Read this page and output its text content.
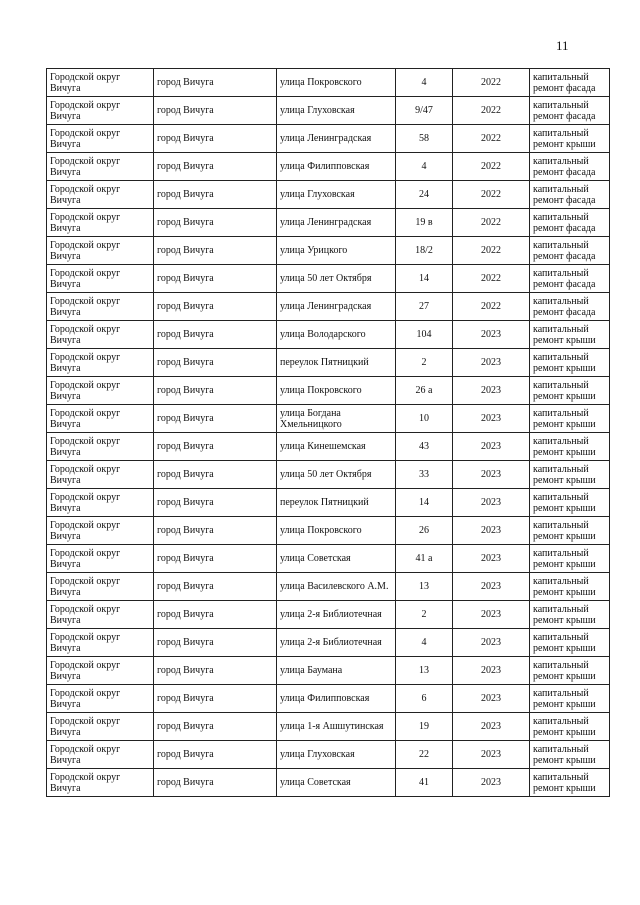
11
Городской округ Вичуга	город Вичуга	улица Покровского	4	2022	капитальный ремонт фасада
Городской округ Вичуга	город Вичуга	улица Глуховская	9/47	2022	капитальный ремонт фасада
Городской округ Вичуга	город Вичуга	улица Ленинградская	58	2022	капитальный ремонт крыши
Городской округ Вичуга	город Вичуга	улица Филипповская	4	2022	капитальный ремонт фасада
Городской округ Вичуга	город Вичуга	улица Глуховская	24	2022	капитальный ремонт фасада
Городской округ Вичуга	город Вичуга	улица Ленинградская	19 в	2022	капитальный ремонт фасада
Городской округ Вичуга	город Вичуга	улица Урицкого	18/2	2022	капитальный ремонт фасада
Городской округ Вичуга	город Вичуга	улица 50 лет Октября	14	2022	капитальный ремонт фасада
Городской округ Вичуга	город Вичуга	улица Ленинградская	27	2022	капитальный ремонт фасада
Городской округ Вичуга	город Вичуга	улица Володарского	104	2023	капитальный ремонт крыши
Городской округ Вичуга	город Вичуга	переулок Пятницкий	2	2023	капитальный ремонт крыши
Городской округ Вичуга	город Вичуга	улица Покровского	26 а	2023	капитальный ремонт крыши
Городской округ Вичуга	город Вичуга	улица Богдана Хмельницкого	10	2023	капитальный ремонт крыши
Городской округ Вичуга	город Вичуга	улица Кинешемская	43	2023	капитальный ремонт крыши
Городской округ Вичуга	город Вичуга	улица 50 лет Октября	33	2023	капитальный ремонт крыши
Городской округ Вичуга	город Вичуга	переулок Пятницкий	14	2023	капитальный ремонт крыши
Городской округ Вичуга	город Вичуга	улица Покровского	26	2023	капитальный ремонт крыши
Городской округ Вичуга	город Вичуга	улица Советская	41 а	2023	капитальный ремонт крыши
Городской округ Вичуга	город Вичуга	улица Василевского А.М.	13	2023	капитальный ремонт крыши
Городской округ Вичуга	город Вичуга	улица 2-я Библиотечная	2	2023	капитальный ремонт крыши
Городской округ Вичуга	город Вичуга	улица 2-я Библиотечная	4	2023	капитальный ремонт крыши
Городской округ Вичуга	город Вичуга	улица Баумана	13	2023	капитальный ремонт крыши
Городской округ Вичуга	город Вичуга	улица Филипповская	6	2023	капитальный ремонт крыши
Городской округ Вичуга	город Вичуга	улица 1-я Ашшутинская	19	2023	капитальный ремонт крыши
Городской округ Вичуга	город Вичуга	улица Глуховская	22	2023	капитальный ремонт крыши
Городской округ Вичуга	город Вичуга	улица Советская	41	2023	капитальный ремонт крыши
